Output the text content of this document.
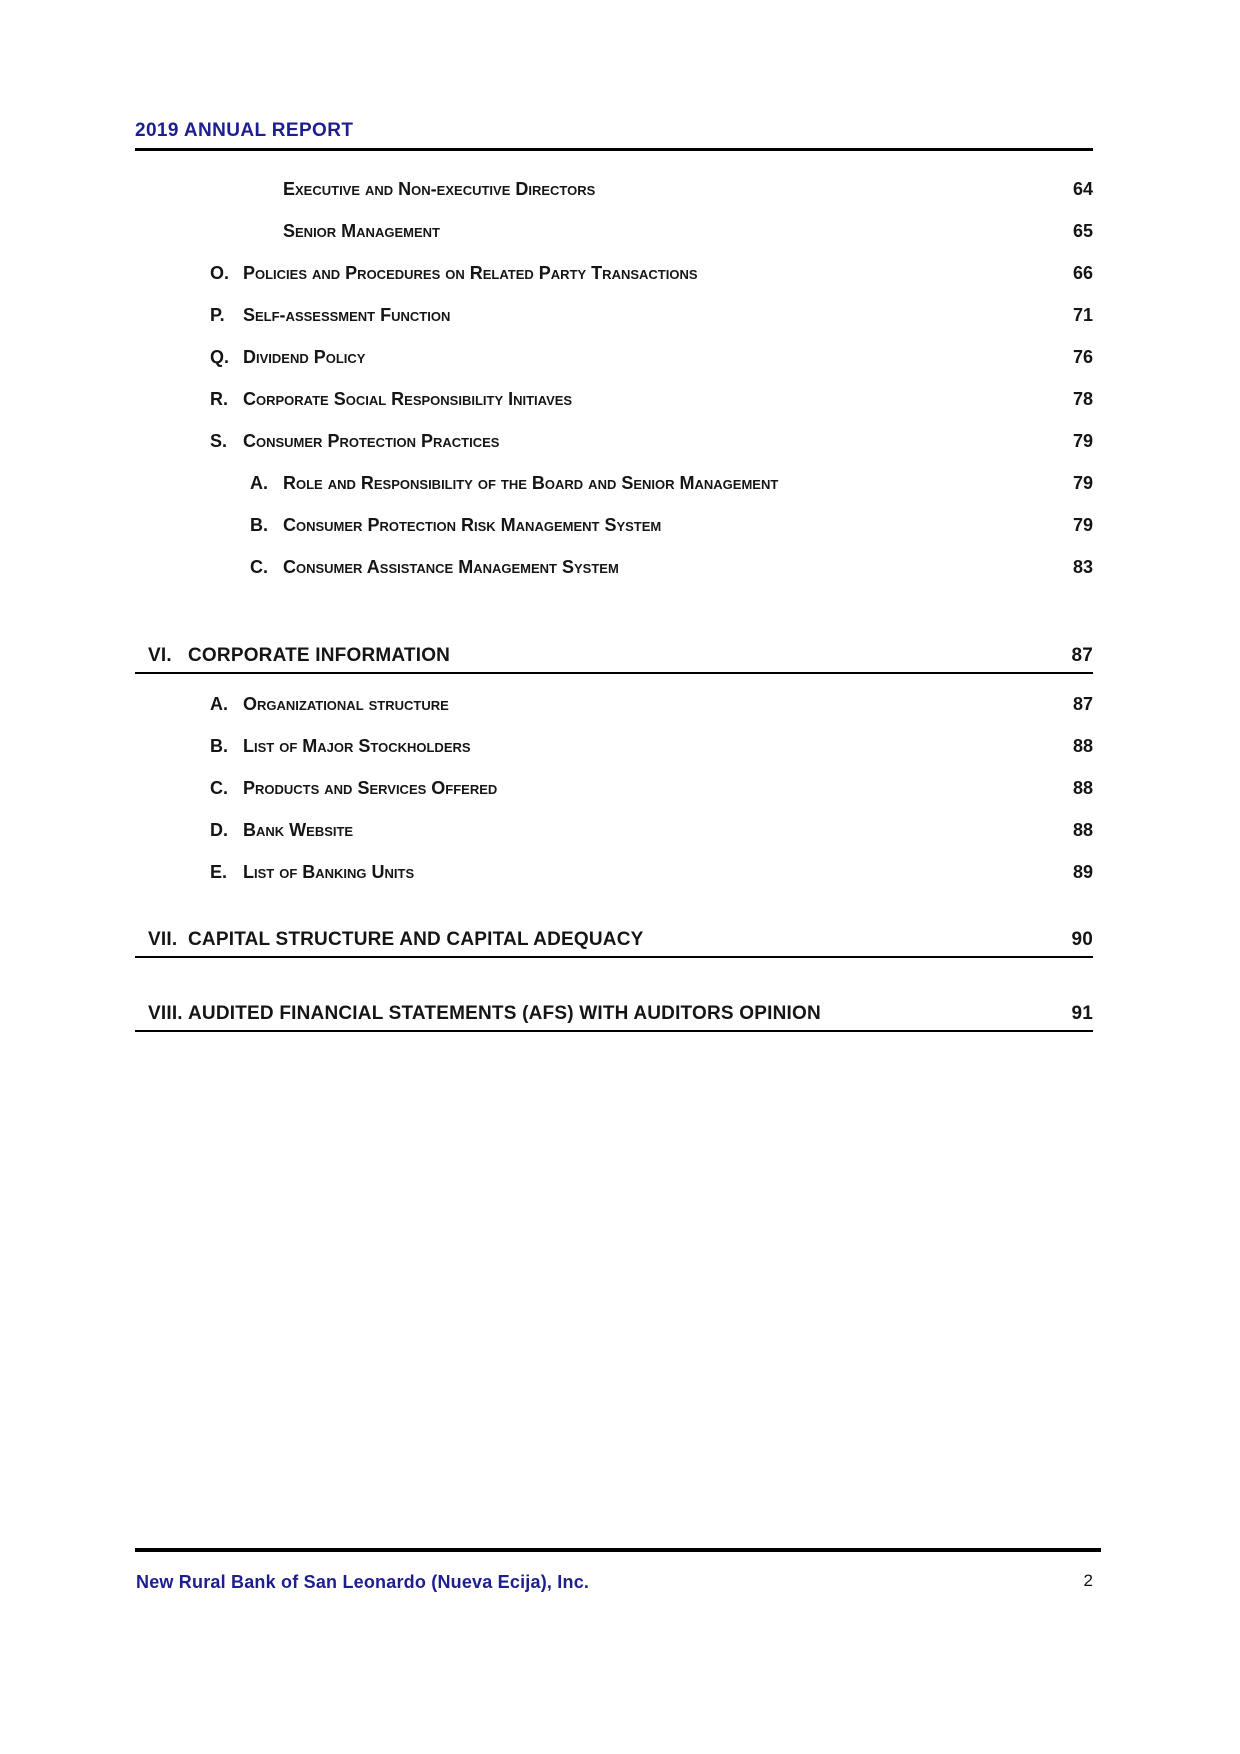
2019 ANNUAL REPORT
Executive and Non-executive Directors	64
Senior Management	65
O. Policies and Procedures on Related Party Transactions	66
P.	Self-assessment Function	71
Q. Dividend Policy	76
R. Corporate Social Responsibility Initiaves	78
S. Consumer Protection Practices	79
A. Role and Responsibility of the Board and Senior Management	79
B. Consumer Protection Risk Management System	79
C. Consumer Assistance Management System	83
VI. CORPORATE INFORMATION	87
A. Organizational structure	87
B. List of Major Stockholders	88
C. Products and Services Offered	88
D. Bank Website	88
E. List of Banking Units	89
VII. CAPITAL STRUCTURE AND CAPITAL ADEQUACY	90
VIII. AUDITED FINANCIAL STATEMENTS (AFS) WITH AUDITORS OPINION	91
New Rural Bank of San Leonardo (Nueva Ecija), Inc.	2
